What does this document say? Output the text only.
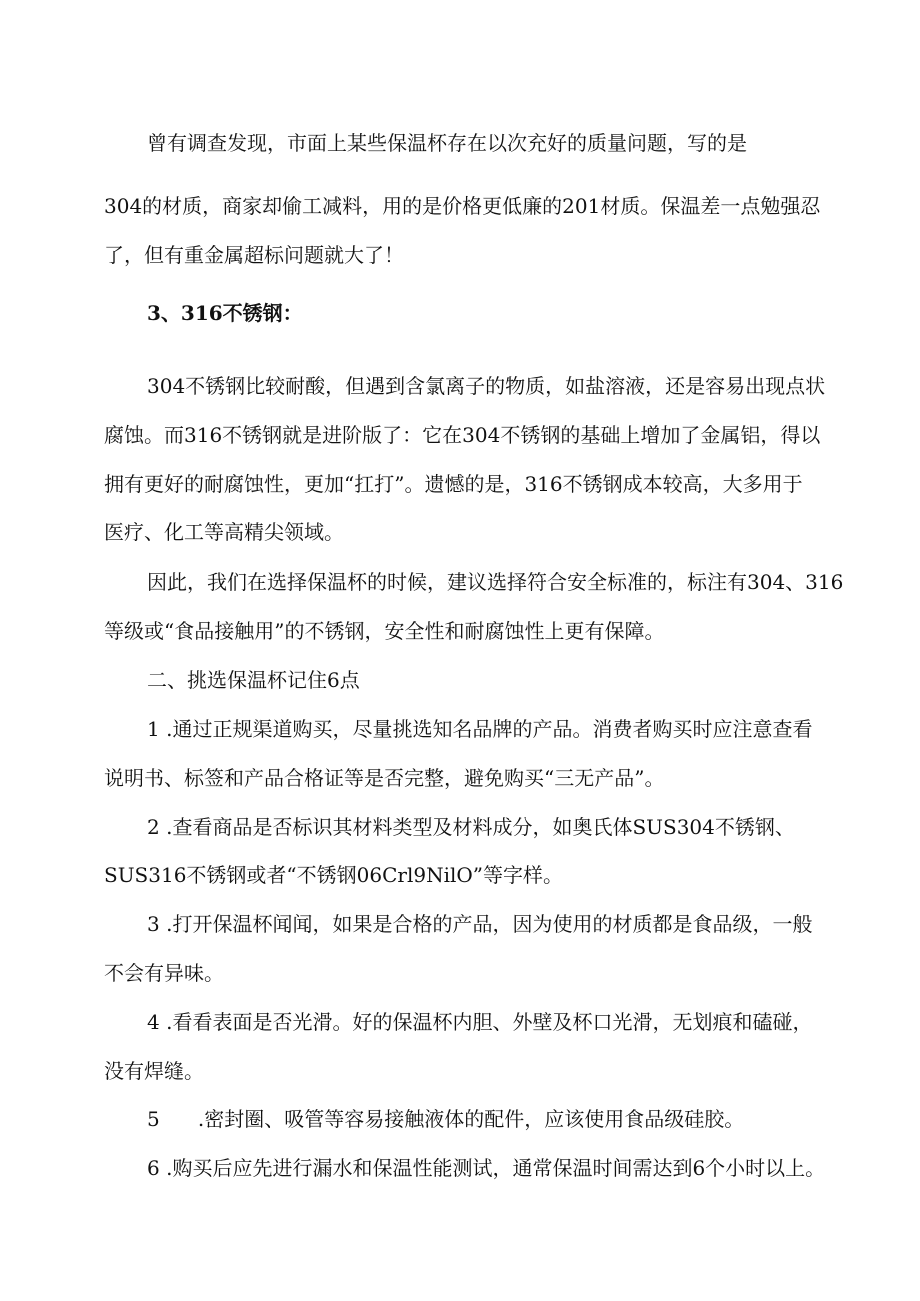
曾有调查发现，市面上某些保温杯存在以次充好的质量问题，写的是
304的材质，商家却偷工减料，用的是价格更低廉的201材质。保温差一点勉强忍
了，但有重金属超标问题就大了！
3、316不锈钢：
304不锈钢比较耐酸，但遇到含氯离子的物质，如盐溶液，还是容易出现点状
腐蚀。而316不锈钢就是进阶版了：它在304不锈钢的基础上增加了金属铝，得以
拥有更好的耐腐蚀性，更加“扛打”。遗憾的是，316不锈钢成本较高，大多用于
医疗、化工等高精尖领域。
因此，我们在选择保温杯的时候，建议选择符合安全标准的，标注有304、316
等级或“食品接触用”的不锈钢，安全性和耐腐蚀性上更有保障。
二、挑选保温杯记住6点
1 .通过正规渠道购买，尽量挑选知名品牌的产品。消费者购买时应注意查看
说明书、标签和产品合格证等是否完整，避免购买“三无产品”。
2 .查看商品是否标识其材料类型及材料成分，如奥氏体SUS304不锈钢、
SUS316不锈钢或者“不锈钢06Crl9NilO”等字样。
3 .打开保温杯闻闻，如果是合格的产品，因为使用的材质都是食品级，一般
不会有异味。
4 .看看表面是否光滑。好的保温杯内胆、外壁及杯口光滑，无划痕和磕碰，
没有焊缝。
5      .密封圈、吸管等容易接触液体的配件，应该使用食品级硅胶。
6 .购买后应先进行漏水和保温性能测试，通常保温时间需达到6个小时以上。
